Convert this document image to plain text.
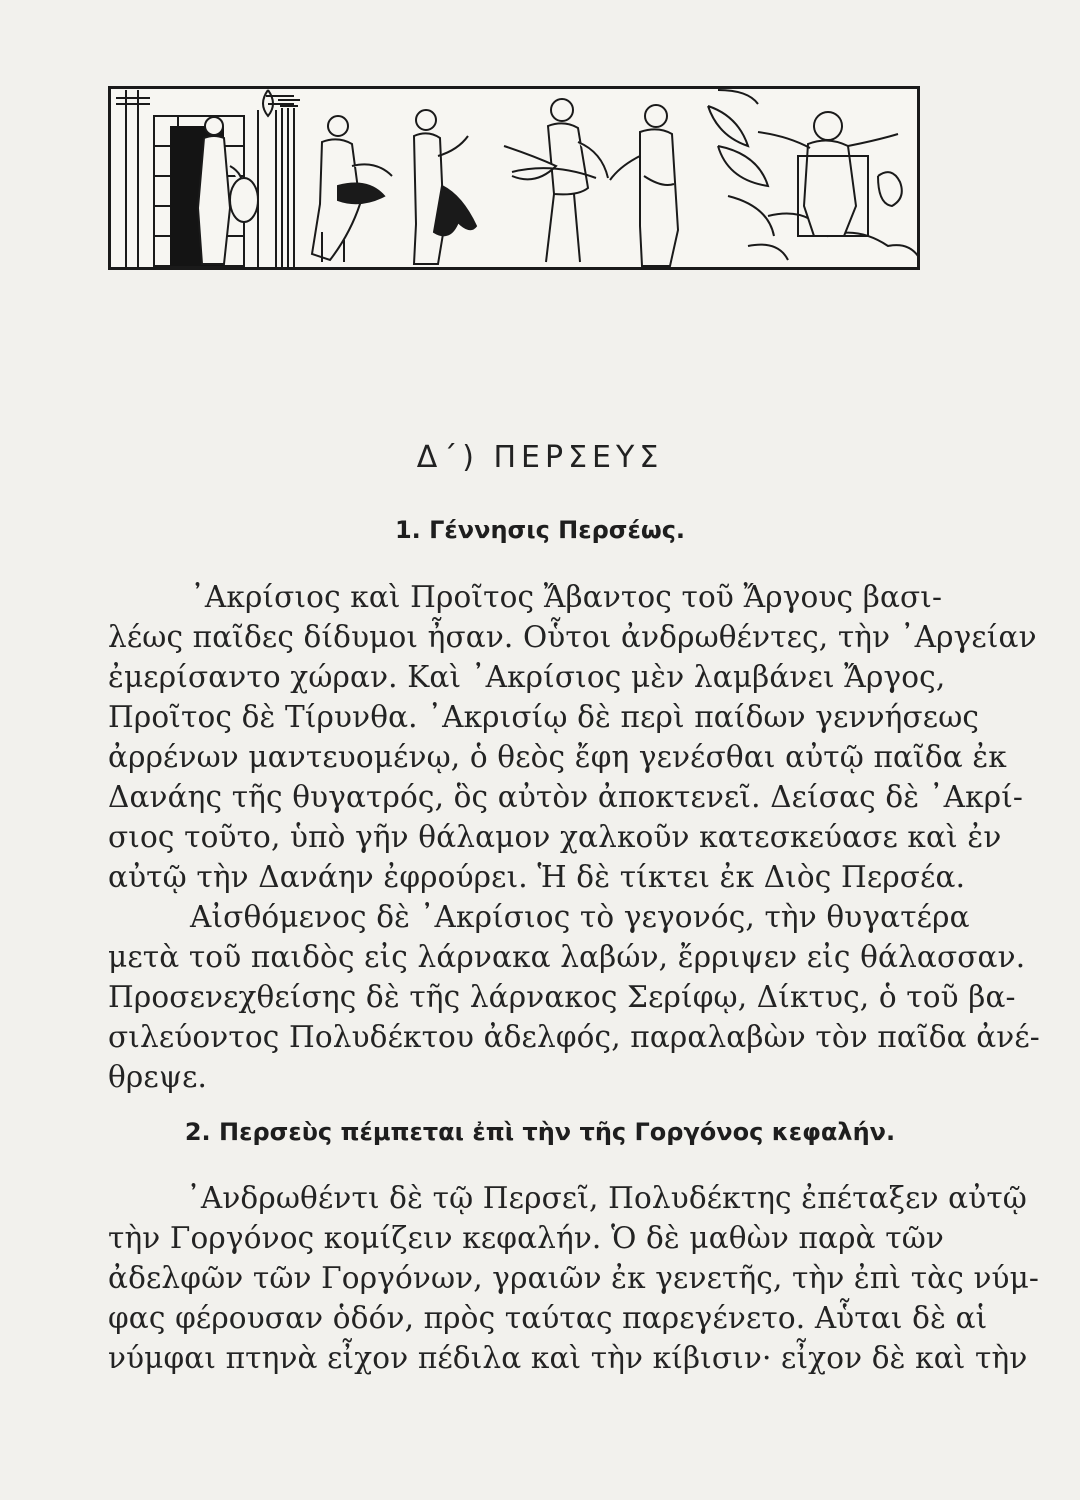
Δ΄) ΠΕΡΣΕΥΣ
1. Γέννησις Περσέως.

᾿Ακρίσιος καὶ Προῖτος Ἄβαντος τοῦ Ἄργους βασι-

λέως παῖδες δίδυμοι ἦσαν. Οὗτοι ἀνδρωθέντες, τὴν ᾿Αργείαν

ἐμερίσαντο χώραν. Καὶ ᾿Ακρίσιος μὲν λαμβάνει Ἄργος,

Προῖτος δὲ Τίρυνθα. ᾿Ακρισίῳ δὲ περὶ παίδων γεννήσεως

ἀρρένων μαντευομένῳ, ὁ θεὸς ἔφη γενέσθαι αὐτῷ παῖδα ἐκ

Δανάης τῆς θυγατρός, ὃς αὐτὸν ἀποκτενεῖ. Δείσας δὲ ᾿Ακρί-

σιος τοῦτο, ὑπὸ γῆν θάλαμον χαλκοῦν κατεσκεύασε καὶ ἐν

αὐτῷ τὴν Δανάην ἐφρούρει. Ἡ δὲ τίκτει ἐκ Διὸς Περσέα.

Αἰσθόμενος δὲ ᾿Ακρίσιος τὸ γεγονός, τὴν θυγατέρα

μετὰ τοῦ παιδὸς εἰς λάρνακα λαβών, ἔρριψεν εἰς θάλασσαν.

Προσενεχθείσης δὲ τῆς λάρνακος Σερίφῳ, Δίκτυς, ὁ τοῦ βα-

σιλεύοντος Πολυδέκτου ἀδελφός, παραλαβὼν τὸν παῖδα ἀνέ-

θρεψε.

2. Περσεὺς πέμπεται ἐπὶ τὴν τῆς Γοργόνος κεφαλήν.

᾿Ανδρωθέντι δὲ τῷ Περσεῖ, Πολυδέκτης ἐπέταξεν αὐτῷ

τὴν Γοργόνος κομίζειν κεφαλήν. Ὁ δὲ μαθὼν παρὰ τῶν

ἀδελφῶν τῶν Γοργόνων, γραιῶν ἐκ γενετῆς, τὴν ἐπὶ τὰς νύμ-

φας φέρουσαν ὁδόν, πρὸς ταύτας παρεγένετο. Αὗται δὲ αἱ

νύμφαι πτηνὰ εἶχον πέδιλα καὶ τὴν κίβισιν· εἶχον δὲ καὶ τὴν
